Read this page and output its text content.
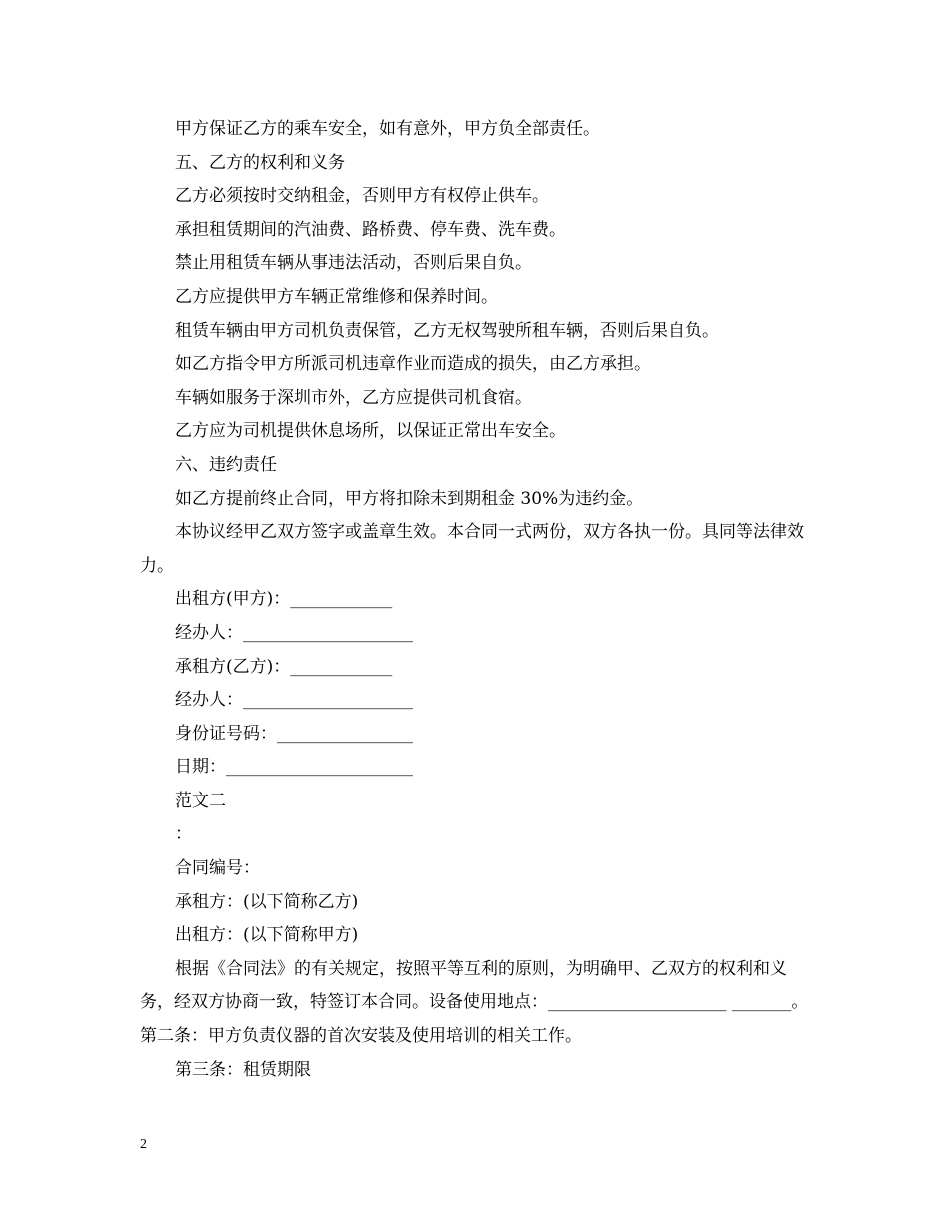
甲方保证乙方的乘车安全，如有意外，甲方负全部责任。

五、乙方的权利和义务

乙方必须按时交纳租金，否则甲方有权停止供车。

承担租赁期间的汽油费、路桥费、停车费、洗车费。

禁止用租赁车辆从事违法活动，否则后果自负。

乙方应提供甲方车辆正常维修和保养时间。

租赁车辆由甲方司机负责保管，乙方无权驾驶所租车辆，否则后果自负。

如乙方指令甲方所派司机违章作业而造成的损失，由乙方承担。

车辆如服务于深圳市外，乙方应提供司机食宿。

乙方应为司机提供休息场所，以保证正常出车安全。

六、违约责任

如乙方提前终止合同，甲方将扣除未到期租金 30%为违约金。

本协议经甲乙双方签字或盖章生效。本合同一式两份，双方各执一份。具同等法律效力。

出租方(甲方)：____________

经办人：____________________

承租方(乙方)：____________

经办人：____________________

身份证号码：________________

日期：______________________

范文二

：

合同编号：

承租方：(以下简称乙方)

出租方：(以下简称甲方)

根据《合同法》的有关规定，按照平等互利的原则，为明确甲、乙双方的权利和义务，经双方协商一致，特签订本合同。设备使用地点：_____________________ _______。 第二条：甲方负责仪器的首次安装及使用培训的相关工作。

第三条：租赁期限

2
